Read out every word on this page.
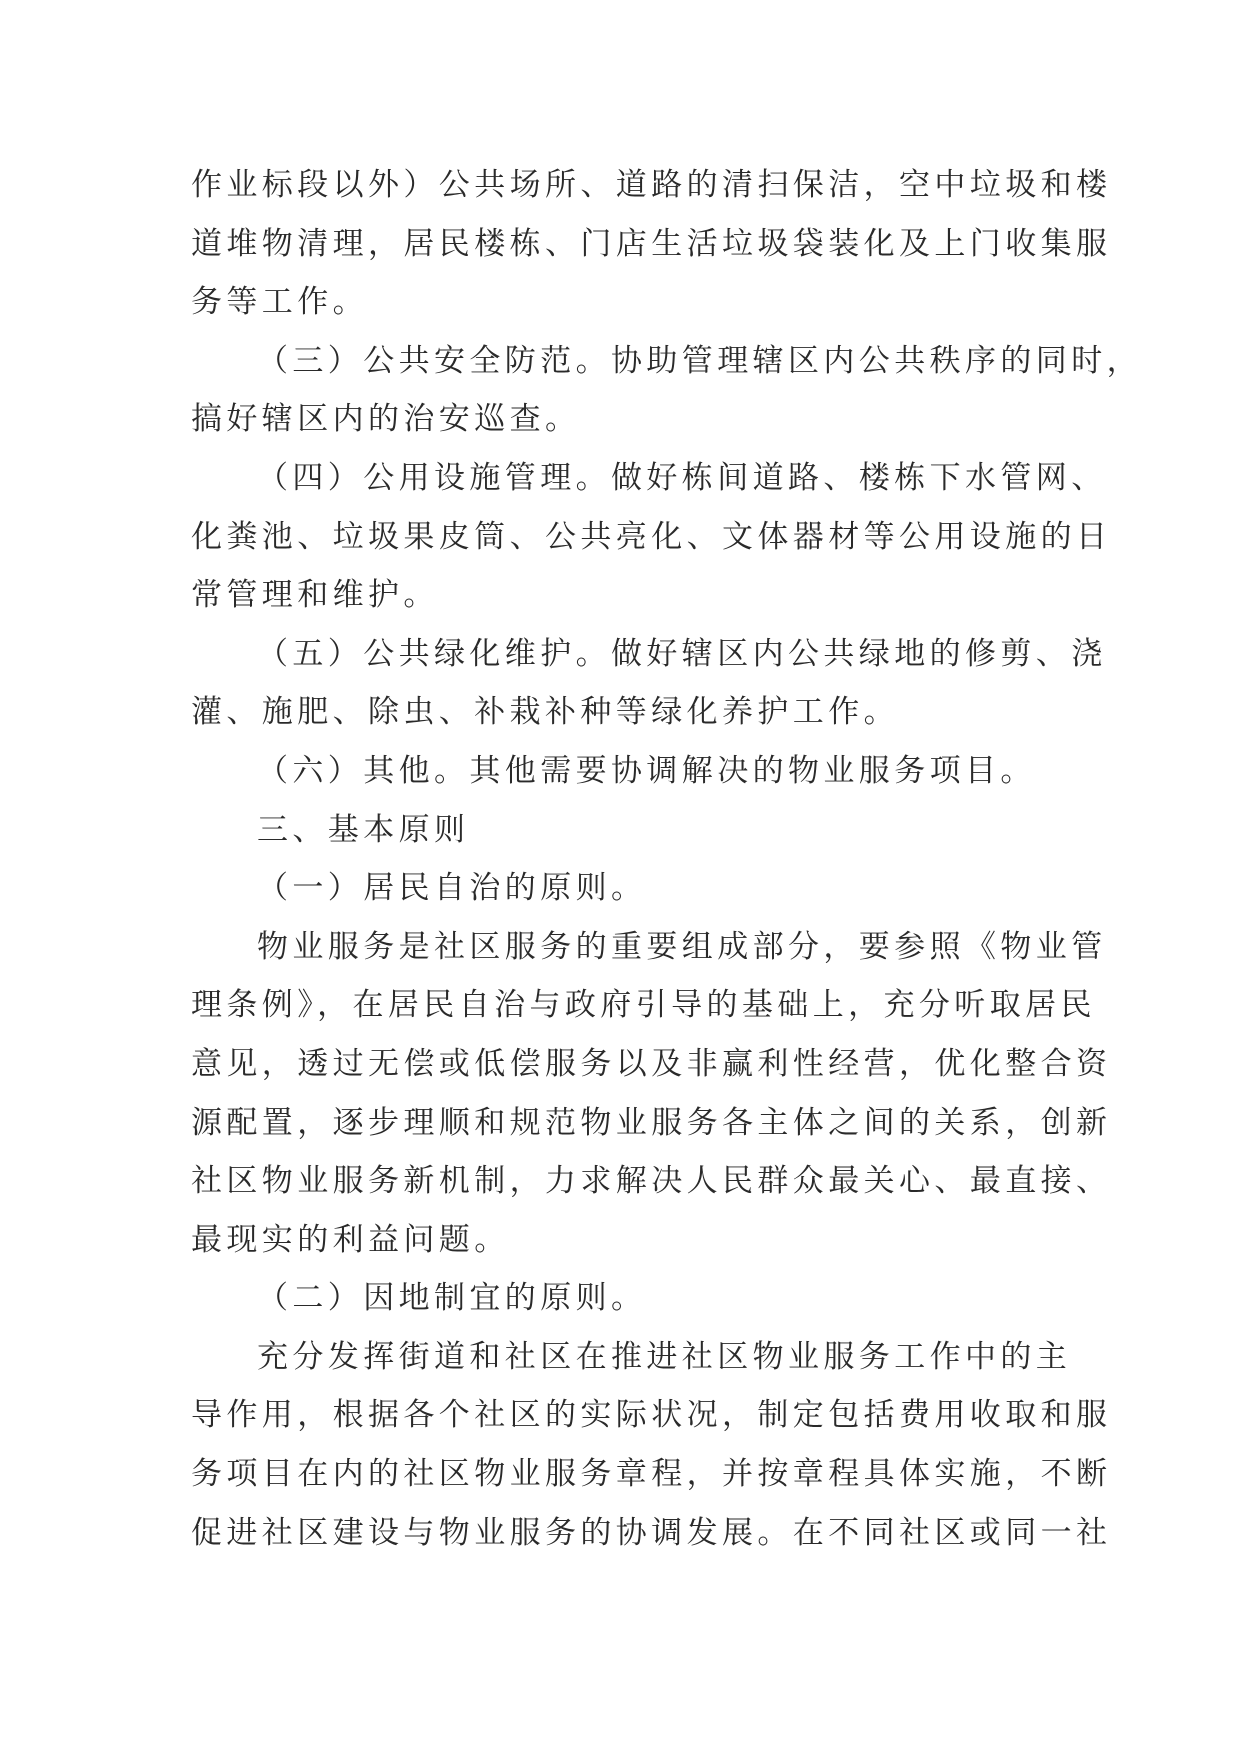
作业标段以外）公共场所、道路的清扫保洁，空中垃圾和楼
道堆物清理，居民楼栋、门店生活垃圾袋装化及上门收集服
务等工作。
（三）公共安全防范。协助管理辖区内公共秩序的同时，
搞好辖区内的治安巡查。
（四）公用设施管理。做好栋间道路、楼栋下水管网、
化粪池、垃圾果皮筒、公共亮化、文体器材等公用设施的日
常管理和维护。
（五）公共绿化维护。做好辖区内公共绿地的修剪、浇
灌、施肥、除虫、补栽补种等绿化养护工作。
（六）其他。其他需要协调解决的物业服务项目。
三、基本原则
（一）居民自治的原则。
物业服务是社区服务的重要组成部分，要参照《物业管
理条例》，在居民自治与政府引导的基础上，充分听取居民
意见，透过无偿或低偿服务以及非赢利性经营，优化整合资
源配置，逐步理顺和规范物业服务各主体之间的关系，创新
社区物业服务新机制，力求解决人民群众最关心、最直接、
最现实的利益问题。
（二）因地制宜的原则。
充分发挥街道和社区在推进社区物业服务工作中的主
导作用，根据各个社区的实际状况，制定包括费用收取和服
务项目在内的社区物业服务章程，并按章程具体实施，不断
促进社区建设与物业服务的协调发展。在不同社区或同一社
